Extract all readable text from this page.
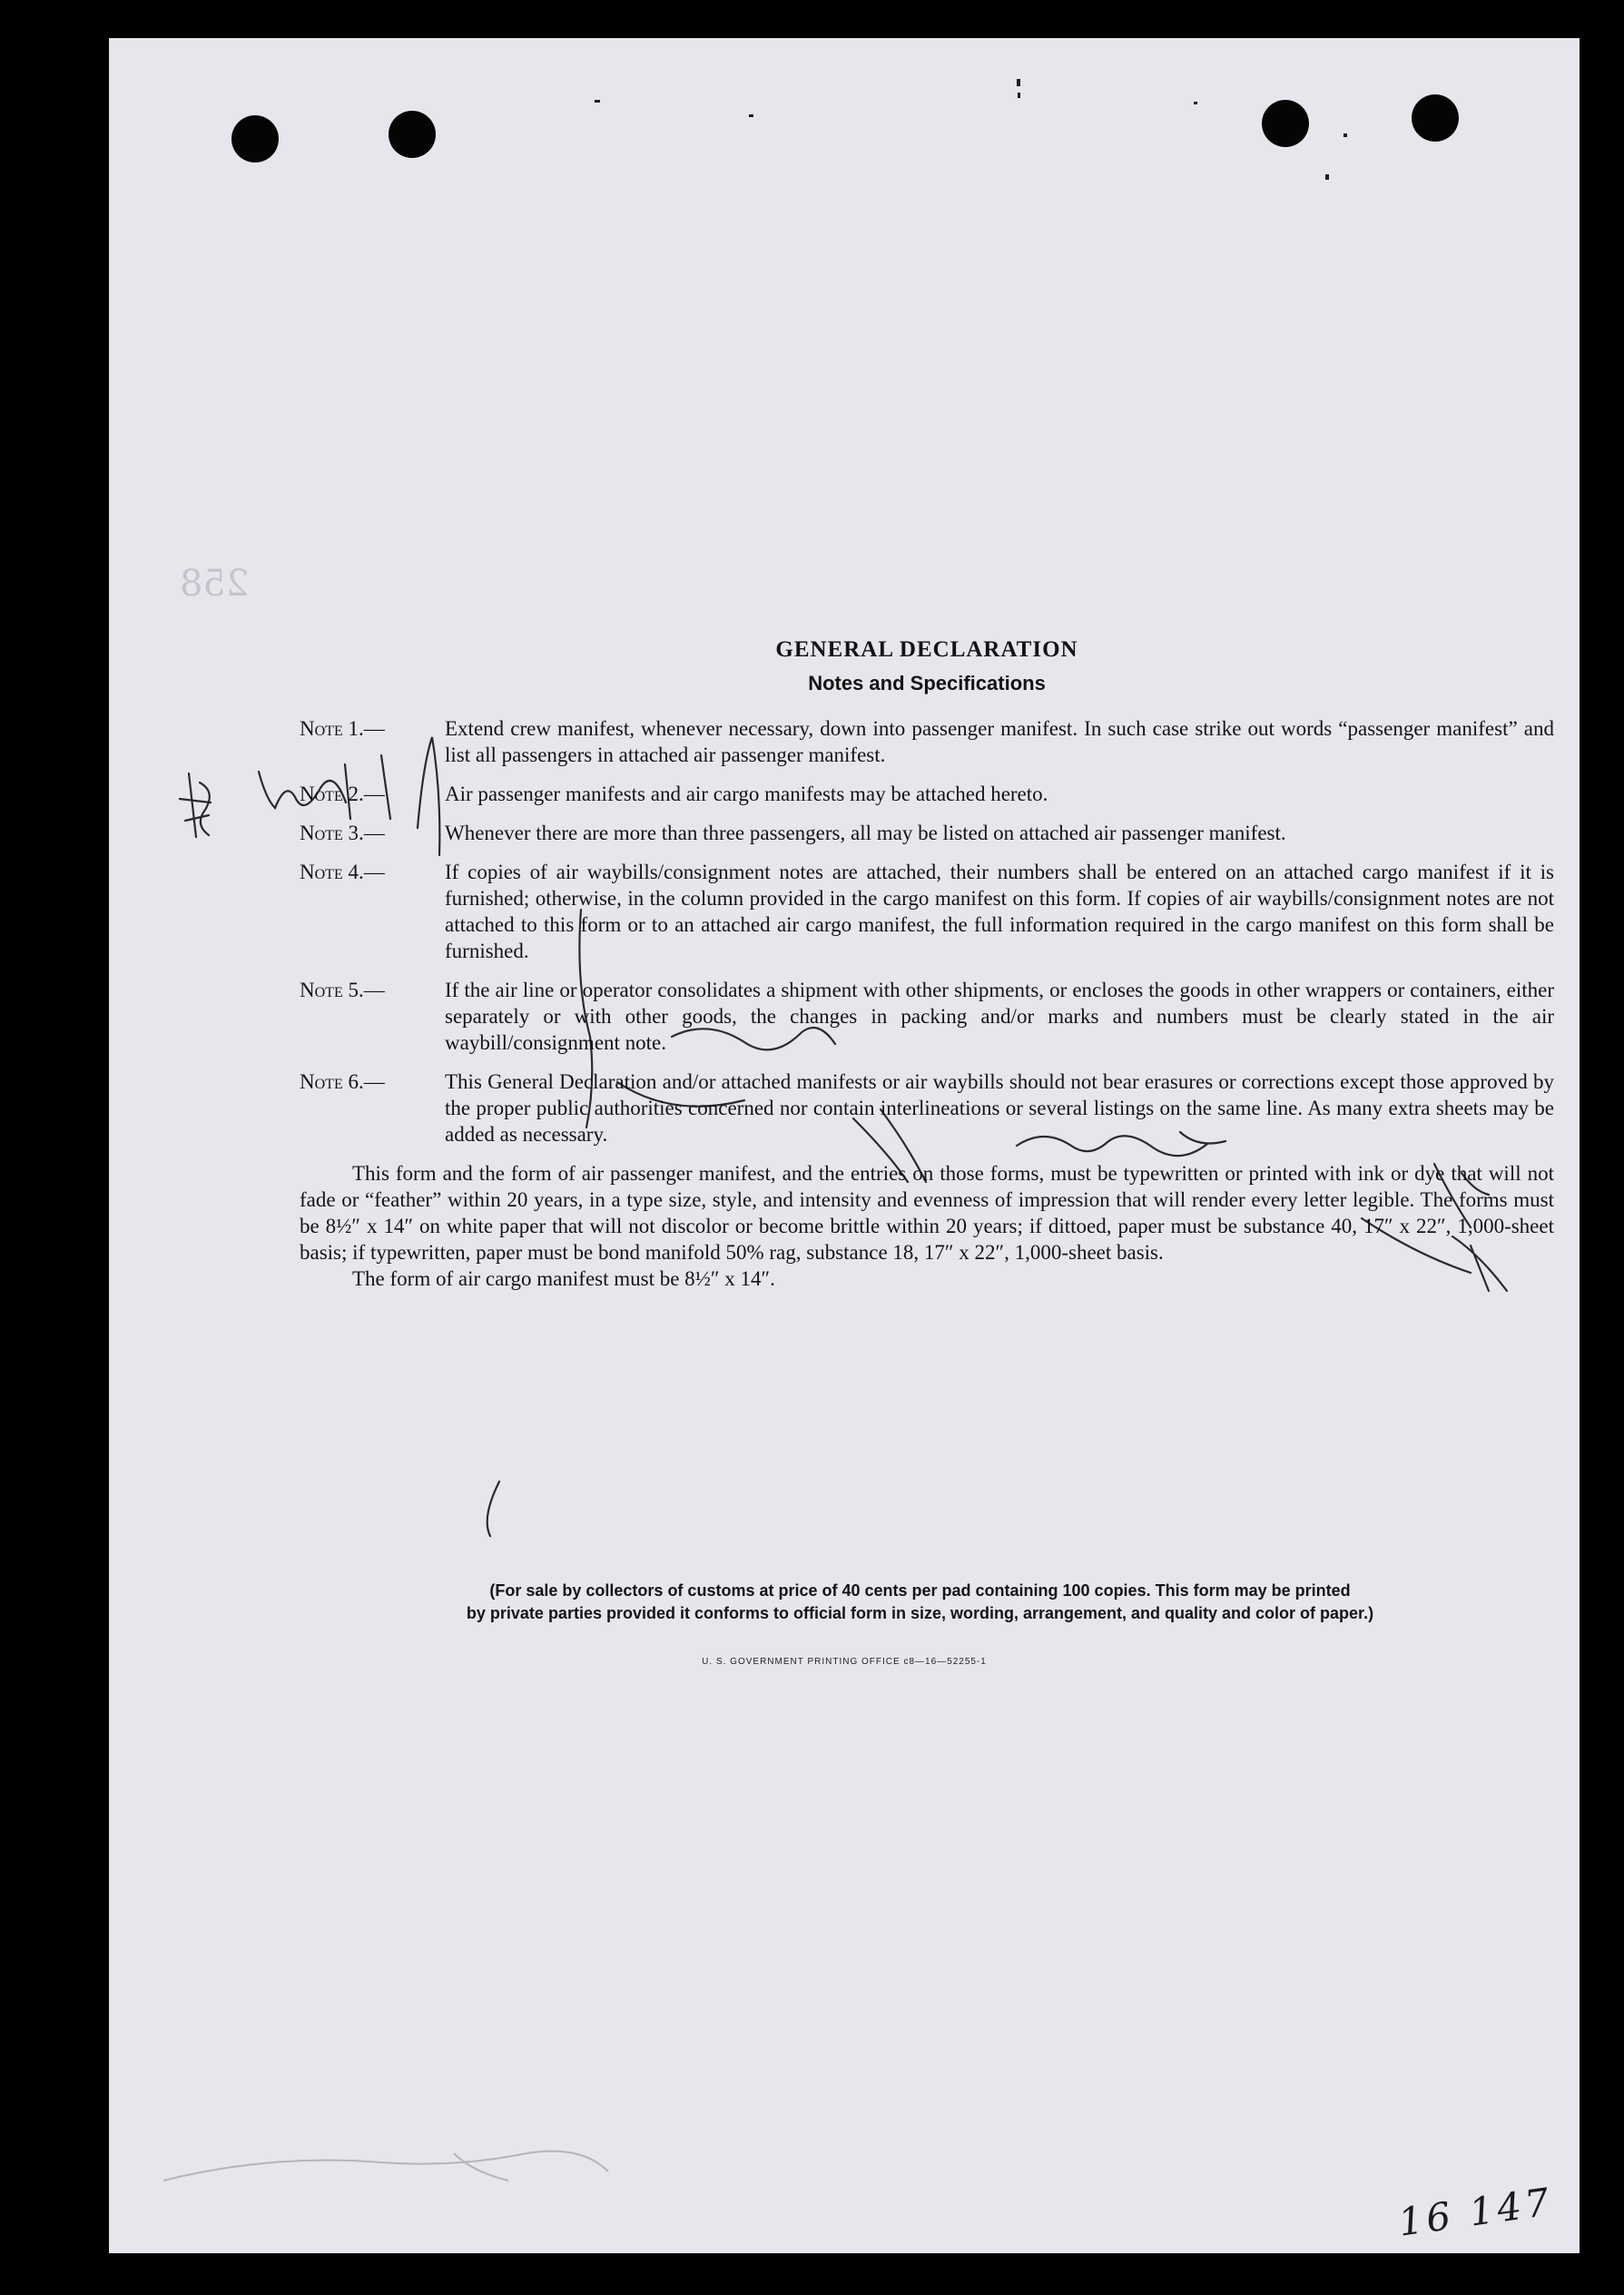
258
GENERAL DECLARATION
Notes and Specifications
Note 1.—	Extend crew manifest, whenever necessary, down into passenger manifest. In such case strike out words “passenger manifest” and list all passengers in attached air passenger manifest.
Note 2.—	Air passenger manifests and air cargo manifests may be attached hereto.
Note 3.—	Whenever there are more than three passengers, all may be listed on attached air passenger manifest.
Note 4.—	If copies of air waybills/consignment notes are attached, their numbers shall be entered on an attached cargo manifest if it is furnished; otherwise, in the column provided in the cargo manifest on this form. If copies of air waybills/consignment notes are not attached to this form or to an attached air cargo manifest, the full information required in the cargo manifest on this form shall be furnished.
Note 5.—	If the air line or operator consolidates a shipment with other shipments, or encloses the goods in other wrappers or containers, either separately or with other goods, the changes in packing and/or marks and numbers must be clearly stated in the air waybill/consignment note.
Note 6.—	This General Declaration and/or attached manifests or air waybills should not bear erasures or corrections except those approved by the proper public authorities concerned nor contain interlineations or several listings on the same line. As many extra sheets may be added as necessary.

This form and the form of air passenger manifest, and the entries on those forms, must be typewritten or printed with ink or dye that will not fade or “feather” within 20 years, in a type size, style, and intensity and evenness of impression that will render every letter legible. The forms must be 8½″ x 14″ on white paper that will not discolor or become brittle within 20 years; if dittoed, paper must be substance 40, 17″ x 22″, 1,000-sheet basis; if typewritten, paper must be bond manifold 50% rag, substance 18, 17″ x 22″, 1,000-sheet basis.

The form of air cargo manifest must be 8½″ x 14″.

(For sale by collectors of customs at price of 40 cents per pad containing 100 copies. This form may be printed
by private parties provided it conforms to official form in size, wording, arrangement, and quality and color of paper.)
U. S. GOVERNMENT PRINTING OFFICE c8—16—52255-1
16 147
